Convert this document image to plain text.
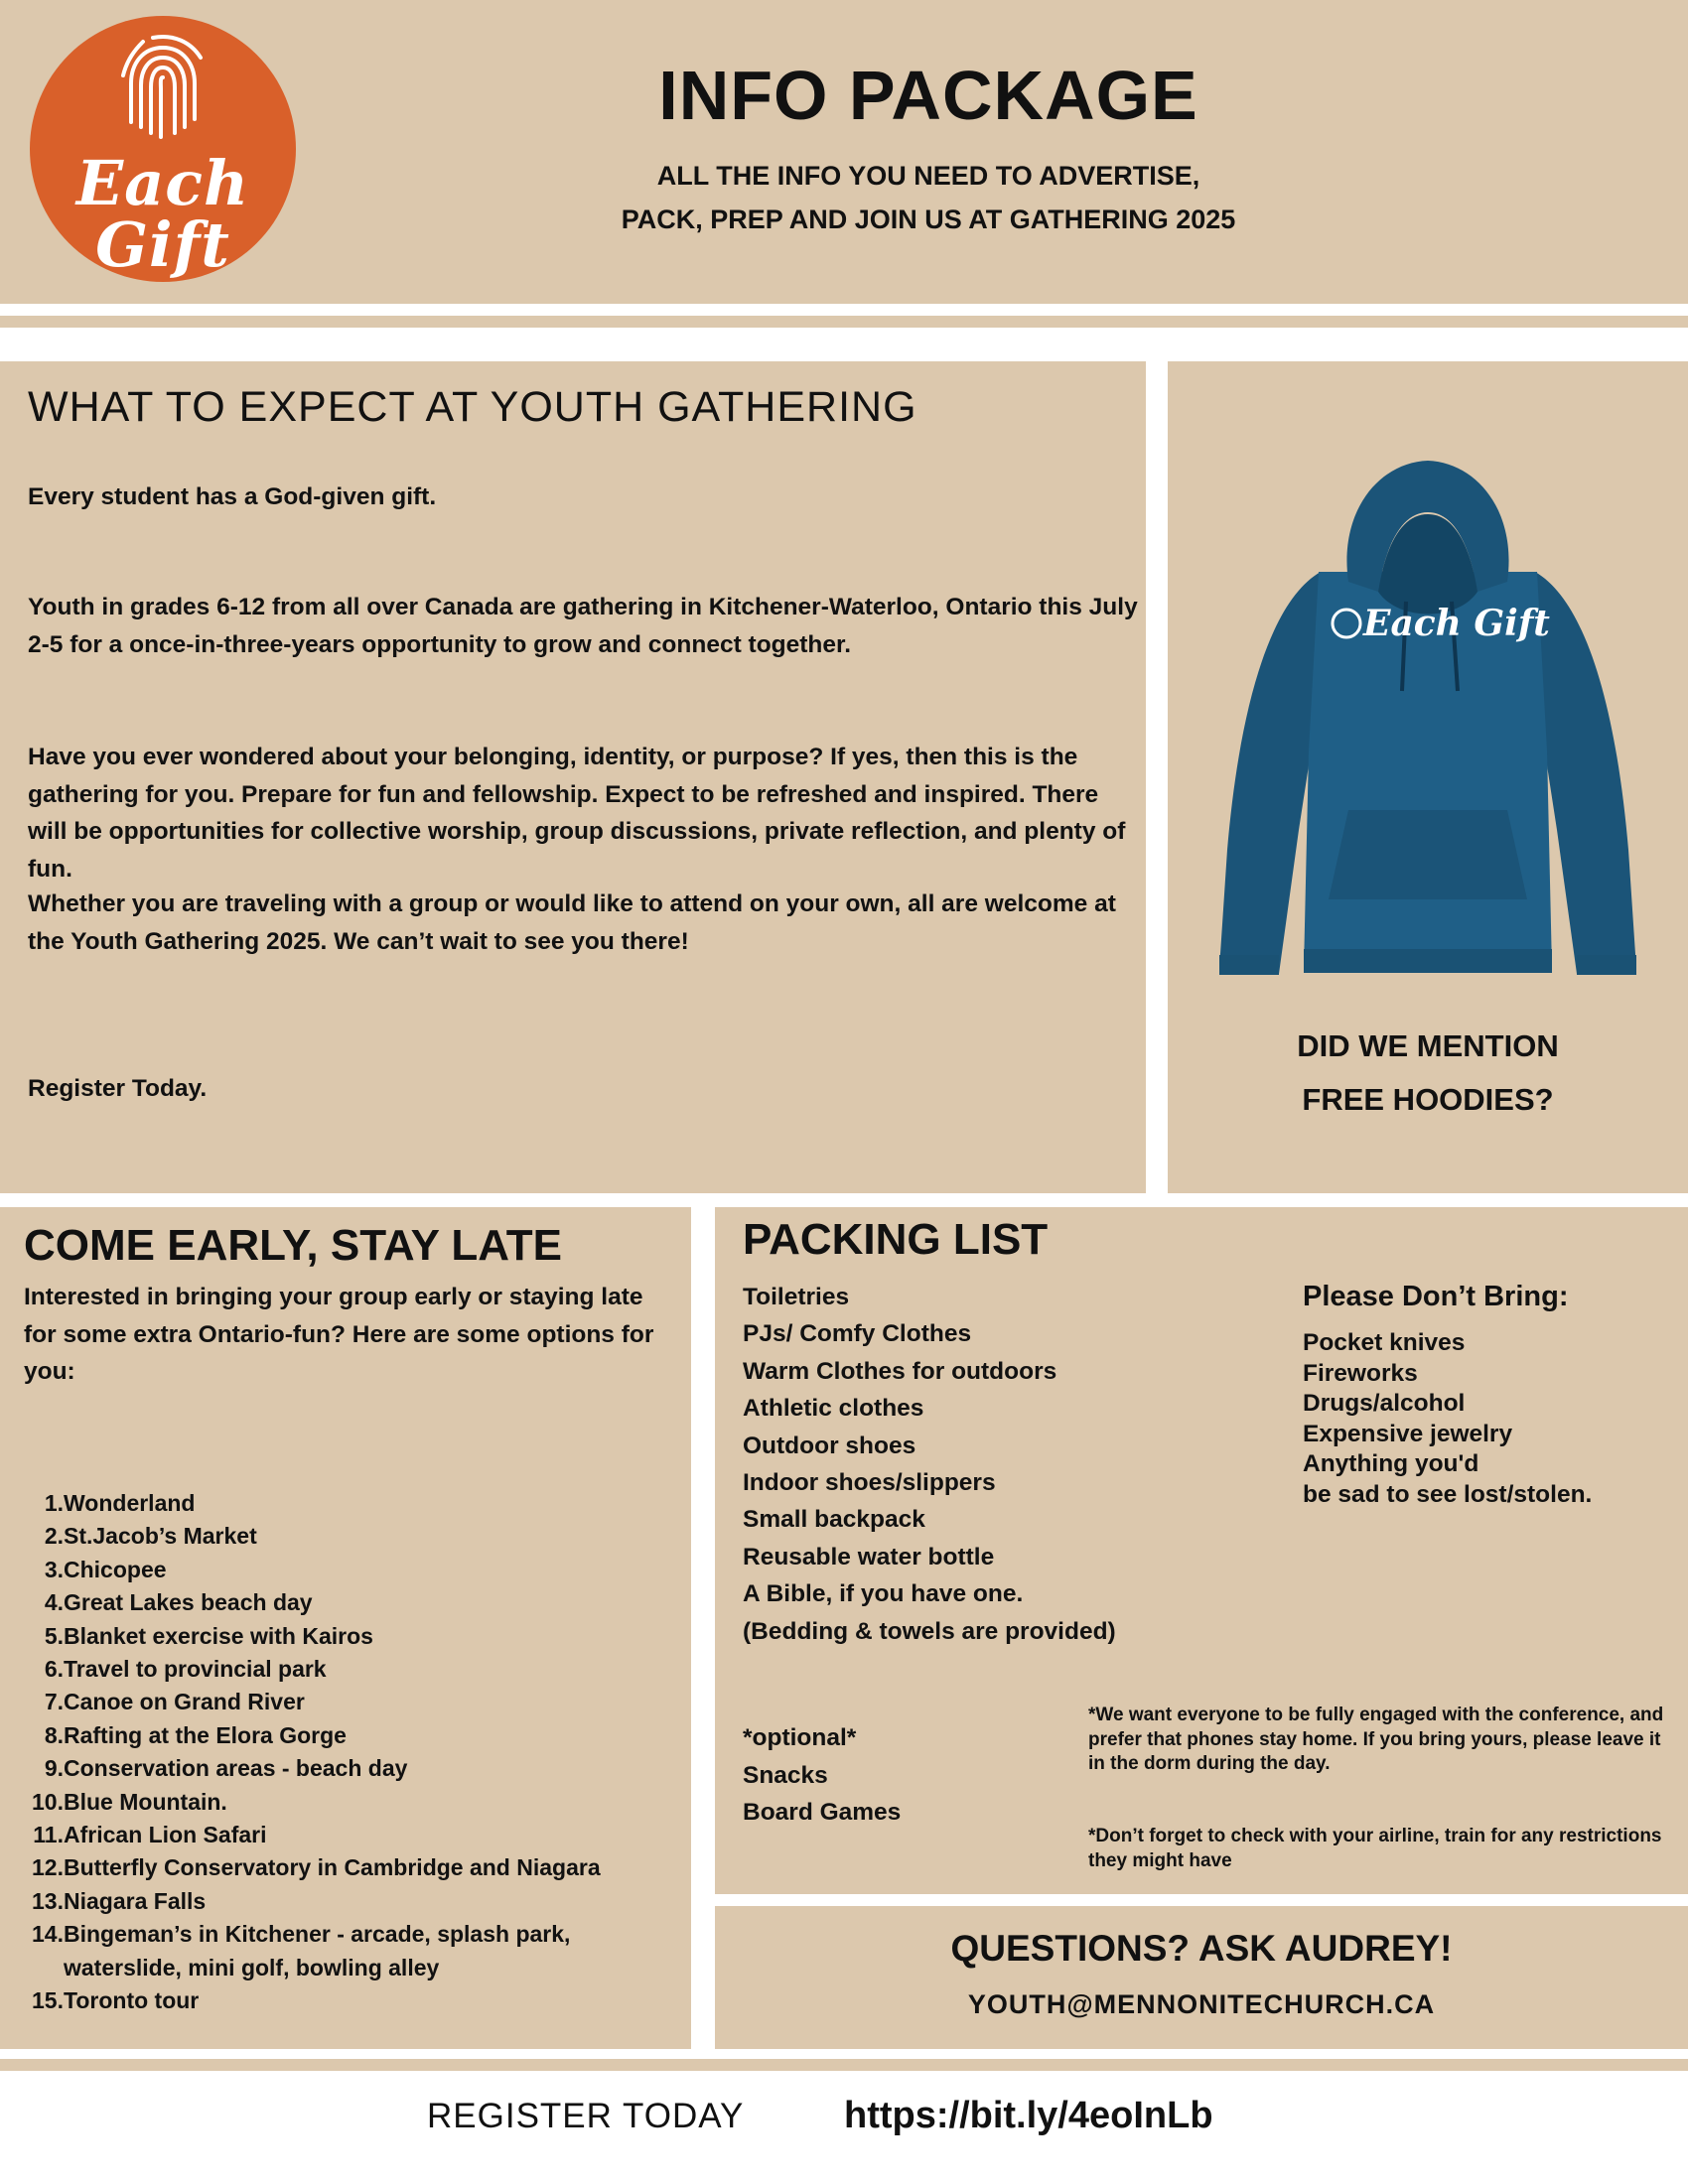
Each
Gift
INFO PACKAGE
ALL THE INFO YOU NEED TO ADVERTISE,
PACK, PREP AND JOIN US AT GATHERING 2025
WHAT TO EXPECT AT YOUTH GATHERING

Every student has a God-given gift.

Youth in grades 6-12 from all over Canada are gathering in Kitchener-Waterloo, Ontario this July 2-5 for a once-in-three-years opportunity to grow and connect together.

Have you ever wondered about your belonging, identity, or purpose? If yes, then this is the gathering for you. Prepare for fun and fellowship. Expect to be refreshed and inspired. There will be opportunities for collective worship, group discussions, private reflection, and plenty of fun.

Whether you are traveling with a group or would like to attend on your own, all are welcome at the Youth Gathering 2025. We can’t wait to see you there!

Register Today.

Each Gift
DID WE MENTION
FREE HOODIES?
COME EARLY, STAY LATE

Interested in bringing your group early or staying late for some extra Ontario-fun? Here are some options for you:

1. Wonderland
2. St.Jacob’s Market
3. Chicopee
4. Great Lakes beach day
5. Blanket exercise with Kairos
6. Travel to provincial park
7. Canoe on Grand River
8. Rafting at the Elora Gorge
9. Conservation areas - beach day
10. Blue Mountain.
11. African Lion Safari
12. Butterfly Conservatory in Cambridge and Niagara
13. Niagara Falls
14. Bingeman’s in Kitchener - arcade, splash park, waterslide, mini golf, bowling alley
15. Toronto tour
PACKING LIST
Toiletries
PJs/ Comfy Clothes
Warm Clothes for outdoors
Athletic clothes
Outdoor shoes
Indoor shoes/slippers
Small backpack
Reusable water bottle
A Bible, if you have one.
(Bedding & towels are provided)
Please Don’t Bring:
Pocket knives
Fireworks
Drugs/alcohol
Expensive jewelry
Anything you'd
be sad to see lost/stolen.
*optional*
Snacks
Board Games

*We want everyone to be fully engaged with the conference, and prefer that phones stay home. If you bring yours, please leave it in the dorm during the day.

*Don’t forget to check with your airline, train for any restrictions they might have

QUESTIONS? ASK AUDREY!
YOUTH@MENNONITECHURCH.CA
REGISTER TODAY	https://bit.ly/4eoInLb
